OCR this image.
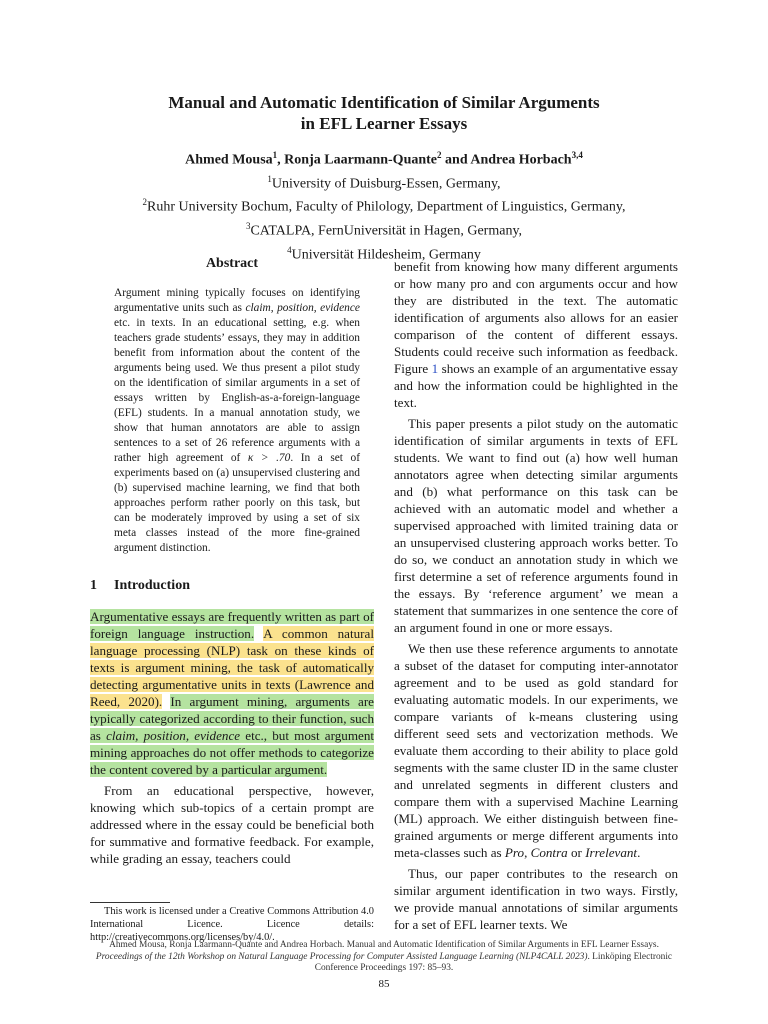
Manual and Automatic Identification of Similar Arguments
in EFL Learner Essays
Ahmed Mousa$^1$, Ronja Laarmann-Quante$^2$ and Andrea Horbach$^{3,4}$
$^1$University of Duisburg-Essen, Germany,
$^2$Ruhr University Bochum, Faculty of Philology, Department of Linguistics, Germany,
$^3$CATALPA, FernUniversität in Hagen, Germany,
$^4$Universität Hildesheim, Germany
Abstract
Argument mining typically focuses on identifying argumentative units such as claim, position, evidence etc. in texts. In an educational setting, e.g. when teachers grade students’ essays, they may in addition benefit from information about the content of the arguments being used. We thus present a pilot study on the identification of similar arguments in a set of essays written by English-as-a-foreign-language (EFL) students. In a manual annotation study, we show that human annotators are able to assign sentences to a set of 26 reference arguments with a rather high agreement of κ > .70. In a set of experiments based on (a) unsupervised clustering and (b) supervised machine learning, we find that both approaches perform rather poorly on this task, but can be moderately improved by using a set of six meta classes instead of the more fine-grained argument distinction.
1 Introduction

Argumentative essays are frequently written as part of foreign language instruction. A common natural language processing (NLP) task on these kinds of texts is argument mining, the task of automatically detecting argumentative units in texts (Lawrence and Reed, 2020). In argument mining, arguments are typically categorized according to their function, such as claim, position, evidence etc., but most argument mining approaches do not offer methods to categorize the content covered by a particular argument.

From an educational perspective, however, knowing which sub-topics of a certain prompt are addressed where in the essay could be beneficial both for summative and formative feedback. For example, while grading an essay, teachers could

benefit from knowing how many different arguments or how many pro and con arguments occur and how they are distributed in the text. The automatic identification of arguments also allows for an easier comparison of the content of different essays. Students could receive such information as feedback. Figure 1 shows an example of an argumentative essay and how the information could be highlighted in the text.

This paper presents a pilot study on the automatic identification of similar arguments in texts of EFL students. We want to find out (a) how well human annotators agree when detecting similar arguments and (b) what performance on this task can be achieved with an automatic model and whether a supervised approached with limited training data or an unsupervised clustering approach works better. To do so, we conduct an annotation study in which we first determine a set of reference arguments found in the essays. By ‘reference argument’ we mean a statement that summarizes in one sentence the core of an argument found in one or more essays.

We then use these reference arguments to annotate a subset of the dataset for computing inter-annotator agreement and to be used as gold standard for evaluating automatic models. In our experiments, we compare variants of k-means clustering using different seed sets and vectorization methods. We evaluate them according to their ability to place gold segments with the same cluster ID in the same cluster and unrelated segments in different clusters and compare them with a supervised Machine Learning (ML) approach. We either distinguish between fine-grained arguments or merge different arguments into meta-classes such as Pro, Contra or Irrelevant.

Thus, our paper contributes to the research on similar argument identification in two ways. Firstly, we provide manual annotations of similar arguments for a set of EFL learner texts. We

This work is licensed under a Creative Commons Attribution 4.0 International Licence. Licence details: http://creativecommons.org/licenses/by/4.0/.
Ahmed Mousa, Ronja Laarmann-Quante and Andrea Horbach. Manual and Automatic Identification of Similar Arguments in EFL Learner Essays. Proceedings of the 12th Workshop on Natural Language Processing for Computer Assisted Language Learning (NLP4CALL 2023). Linköping Electronic Conference Proceedings 197: 85–93.
85
